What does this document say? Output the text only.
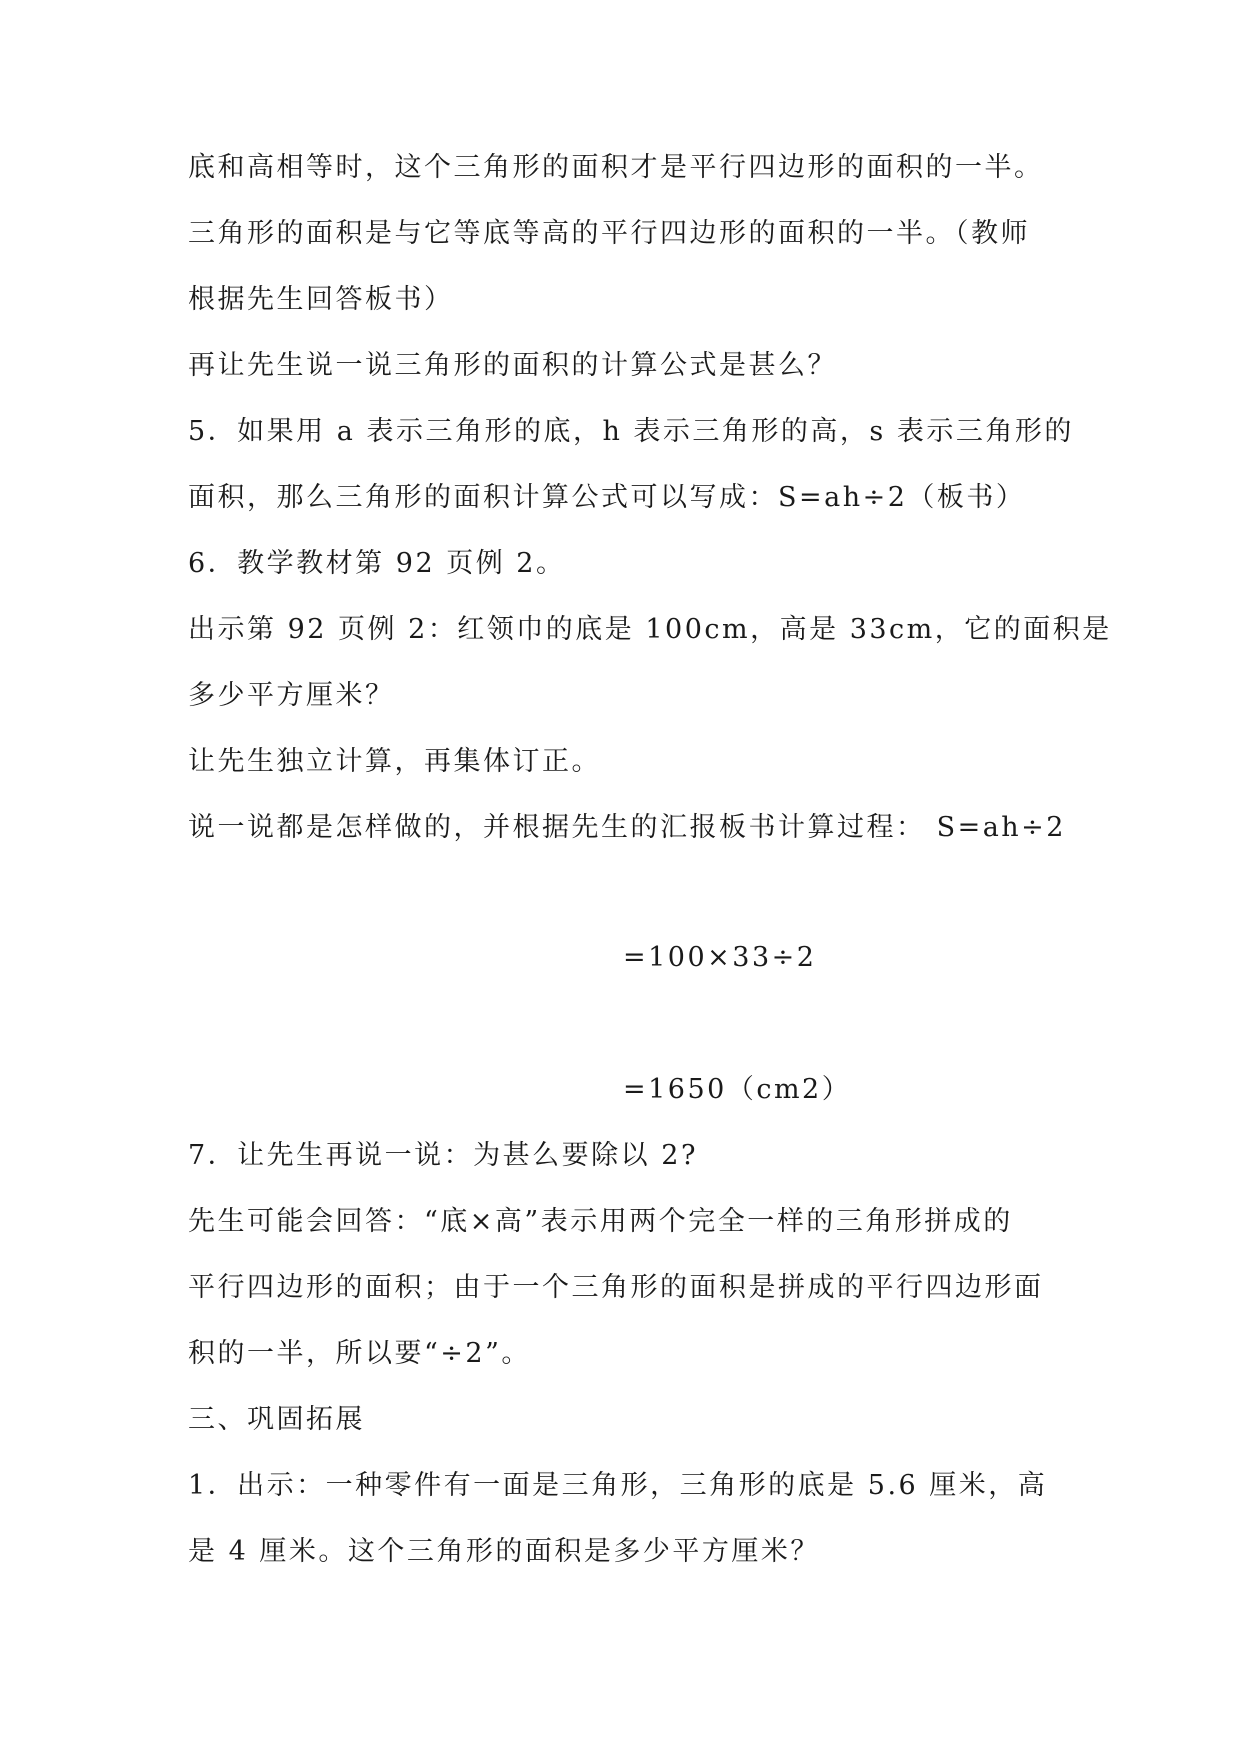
底和高相等时，这个三角形的面积才是平行四边形的面积的一半。

三角形的面积是与它等底等高的平行四边形的面积的一半。（教师

根据先生回答板书）

再让先生说一说三角形的面积的计算公式是甚么？

5．如果用 a 表示三角形的底，h 表示三角形的高，s 表示三角形的

面积，那么三角形的面积计算公式可以写成：S=ah÷2（板书）

6．教学教材第 92 页例 2。

出示第 92 页例 2：红领巾的底是 100cm，高是 33cm，它的面积是

多少平方厘米？

让先生独立计算，再集体订正。

说一说都是怎样做的，并根据先生的汇报板书计算过程： S=ah÷2

=100×33÷2

=1650（cm2）

7．让先生再说一说：为甚么要除以 2?

先生可能会回答：“底×高”表示用两个完全一样的三角形拼成的

平行四边形的面积；由于一个三角形的面积是拼成的平行四边形面

积的一半，所以要“÷2”。

三、巩固拓展

1．出示：一种零件有一面是三角形，三角形的底是 5.6 厘米，高

是 4 厘米。这个三角形的面积是多少平方厘米？
